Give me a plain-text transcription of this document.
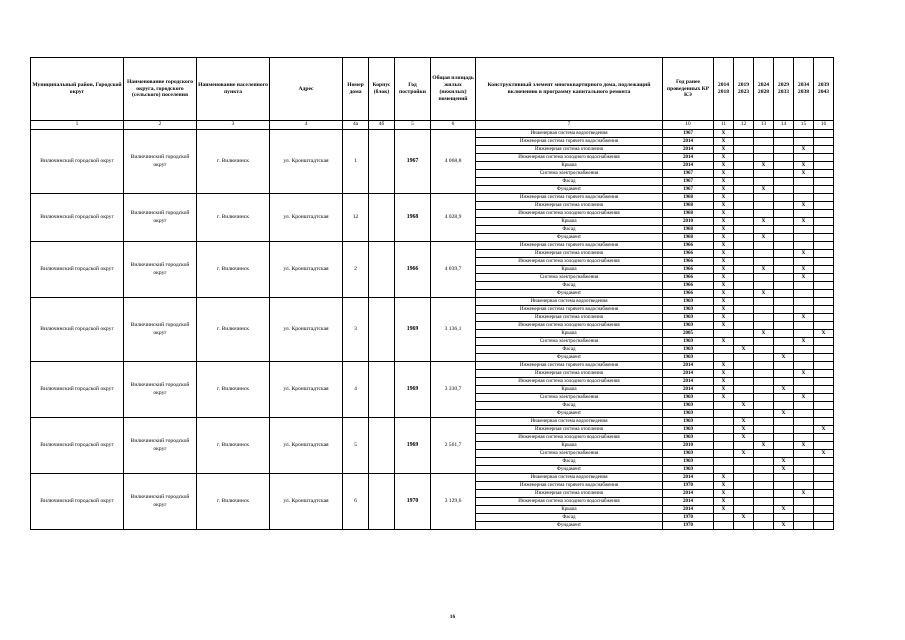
Муниципальный район, Городской округ	Наименование городского округа, городского (сельского) поселения	Наименование населенного пункта	Адрес	Номер дома	Корпус (блок)	Год постройки	Общая площадь жилых (нежилых) помещений	Конструктивный элемент многоквартирного дома, подлежащий включению в программу капитального ремонта	Год ранее проведенных КР КЭ	2014 2018	2019 2023	2024 2028	2029 2033	2034 2038	2039 2043
1	2	3	4	4а	4б	5	6	7	10	11	12	13	14	15	16
Вилючинский городской округ	Вилючинский городской округ	г. Вилючинск	ул. Кронштадтская	1		1967	4 068,8	Инженерная система водоотведения	1967	Х					
								Инженерная система горячего водоснабжения	2014	Х					
								Инженерная система отопления	2014	Х				Х	
								Инженерная система холодного водоснабжения	2014	Х					
								Крыша	2014	Х		Х		Х	
								Система электроснабжения	1967	Х				Х	
								Фасад	1967	Х					
								Фундамент	1967	Х		Х			
Вилючинский городской округ	Вилючинский городской округ	г. Вилючинск	ул. Кронштадтская	12		1968	4 028,9	Инженерная система горячего водоснабжения	1968	Х					
								Инженерная система отопления	1968	Х				Х	
								Инженерная система холодного водоснабжения	1968	Х					
								Крыша	2010	Х		Х		Х	
								Фасад	1968	Х					
								Фундамент	1968	Х		Х			
Вилючинский городской округ	Вилючинский городской округ	г. Вилючинск	ул. Кронштадтская	2		1966	4 039,7	Инженерная система горячего водоснабжения	1966	Х					
								Инженерная система отопления	1966	Х				Х	
								Инженерная система холодного водоснабжения	1966	Х					
								Крыша	1966	Х		Х		Х	
								Система электроснабжения	1966	Х				Х	
								Фасад	1966	Х					
								Фундамент	1966	Х		Х			
Вилючинский городской округ	Вилючинский городской округ	г. Вилючинск	ул. Кронштадтская	3		1969	3 136,1	Инженерная система водоотведения	1969	Х					
								Инженерная система горячего водоснабжения	1969	Х					
								Инженерная система отопления	1969	Х				Х	
								Инженерная система холодного водоснабжения	1969	Х					
								Крыша	2005			Х			Х
								Система электроснабжения	1969	Х				Х	
								Фасад	1969		Х				
								Фундамент	1969				Х		
Вилючинский городской округ	Вилючинский городской округ	г. Вилючинск	ул. Кронштадтская	4		1969	3 330,7	Инженерная система горячего водоснабжения	2014	Х					
								Инженерная система отопления	2014	Х				Х	
								Инженерная система холодного водоснабжения	2014	Х					
								Крыша	2014	Х			Х		
								Система электроснабжения	1969	Х				Х	
								Фасад	1969		Х				
								Фундамент	1969				Х		
Вилючинский городской округ	Вилючинский городской округ	г. Вилючинск	ул. Кронштадтская	5		1969	2 561,7	Инженерная система водоотведения	1969		Х				
								Инженерная система отопления	1969		Х				Х
								Инженерная система холодного водоснабжения	1969		Х				
								Крыша	2010			Х		Х	
								Система электроснабжения	1969		Х				Х
								Фасад	1969				Х		
								Фундамент	1969				Х		
Вилючинский городской округ	Вилючинский городской округ	г. Вилючинск	ул. Кронштадтская	6		1970	3 129,6	Инженерная система водоотведения	2014	Х					
								Инженерная система горячего водоснабжения	1970	Х					
								Инженерная система отопления	2014	Х				Х	
								Инженерная система холодного водоснабжения	2014	Х					
								Крыша	2014	Х			Х		
								Фасад	1970		Х				
								Фундамент	1970				Х		
16
